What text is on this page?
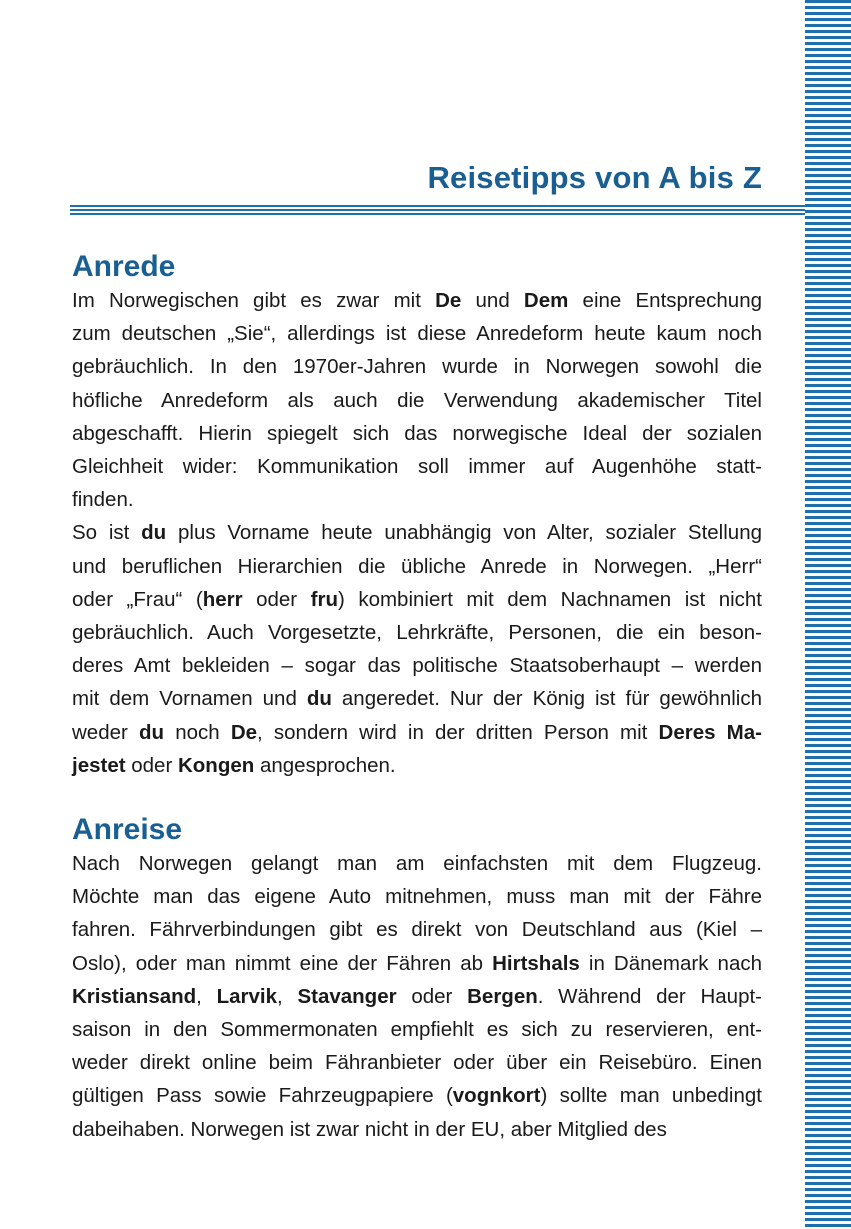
Reisetipps von A bis Z
Anrede
Im Norwegischen gibt es zwar mit De und Dem eine Entsprechung
zum deutschen „Sie“, allerdings ist diese Anredeform heute kaum noch
gebräuchlich. In den 1970er-Jahren wurde in Norwegen sowohl die
höfliche Anredeform als auch die Verwendung akademischer Titel
abgeschafft. Hierin spiegelt sich das norwegische Ideal der sozialen
Gleichheit wider: Kommunikation soll immer auf Augenhöhe statt-
finden.
So ist du plus Vorname heute unabhängig von Alter, sozialer Stellung
und beruflichen Hierarchien die übliche Anrede in Norwegen. „Herr“
oder „Frau“ (herr oder fru) kombiniert mit dem Nachnamen ist nicht
gebräuchlich. Auch Vorgesetzte, Lehrkräfte, Personen, die ein beson-
deres Amt bekleiden – sogar das politische Staatsoberhaupt – werden
mit dem Vornamen und du angeredet. Nur der König ist für gewöhnlich
weder du noch De, sondern wird in der dritten Person mit Deres Ma-
jestet oder Kongen angesprochen.
Anreise
Nach Norwegen gelangt man am einfachsten mit dem Flugzeug.
Möchte man das eigene Auto mitnehmen, muss man mit der Fähre
fahren. Fährverbindungen gibt es direkt von Deutschland aus (Kiel –
Oslo), oder man nimmt eine der Fähren ab Hirtshals in Dänemark nach
Kristiansand, Larvik, Stavanger oder Bergen. Während der Haupt-
saison in den Sommermonaten empfiehlt es sich zu reservieren, ent-
weder direkt online beim Fähranbieter oder über ein Reisebüro. Einen
gültigen Pass sowie Fahrzeugpapiere (vognkort) sollte man unbedingt
dabeihaben. Norwegen ist zwar nicht in der EU, aber Mitglied des
